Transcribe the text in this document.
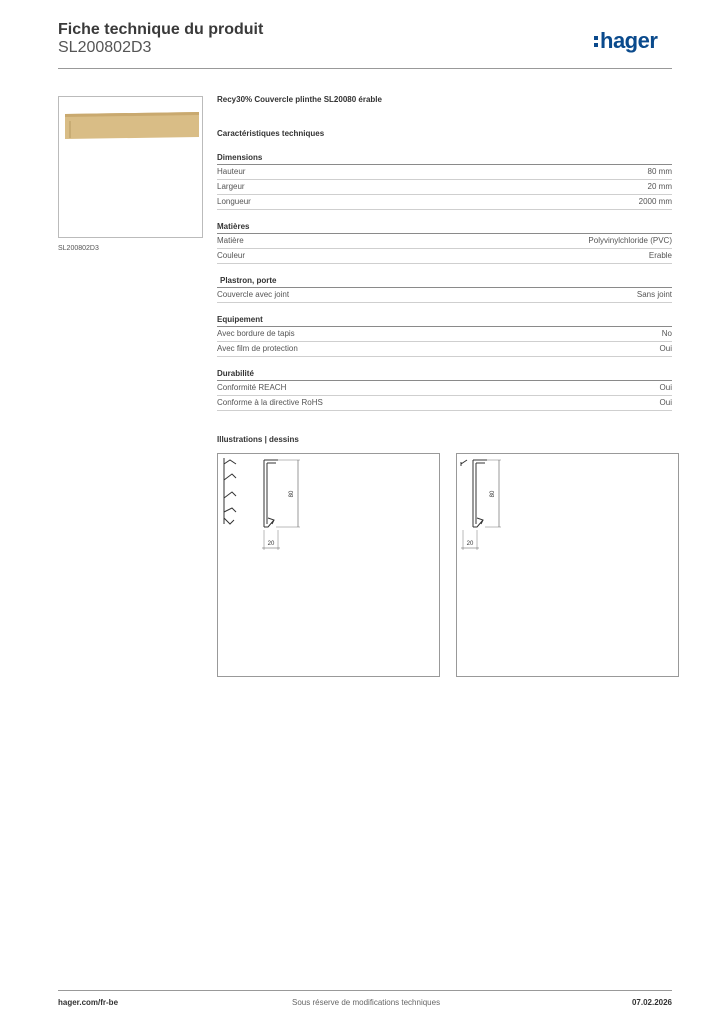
Fiche technique du produit
SL200802D3	hager
SL200802D3
Recy30% Couvercle plinthe SL20080 érable
Caractéristiques techniques
Dimensions
Hauteur	80 mm
Largeur	20 mm
Longueur	2000 mm
Matières
Matière	Polyvinylchloride (PVC)
Couleur	Erable
Plastron, porte
Couvercle avec joint	Sans joint
Equipement
Avec bordure de tapis	No
Avec film de protection	Oui
Durabilité
Conformité REACH	Oui
Conforme à la directive RoHS	Oui
Illustrations | dessins
80
20
80
20
hager.com/fr-be	Sous réserve de modifications techniques	07.02.2026
